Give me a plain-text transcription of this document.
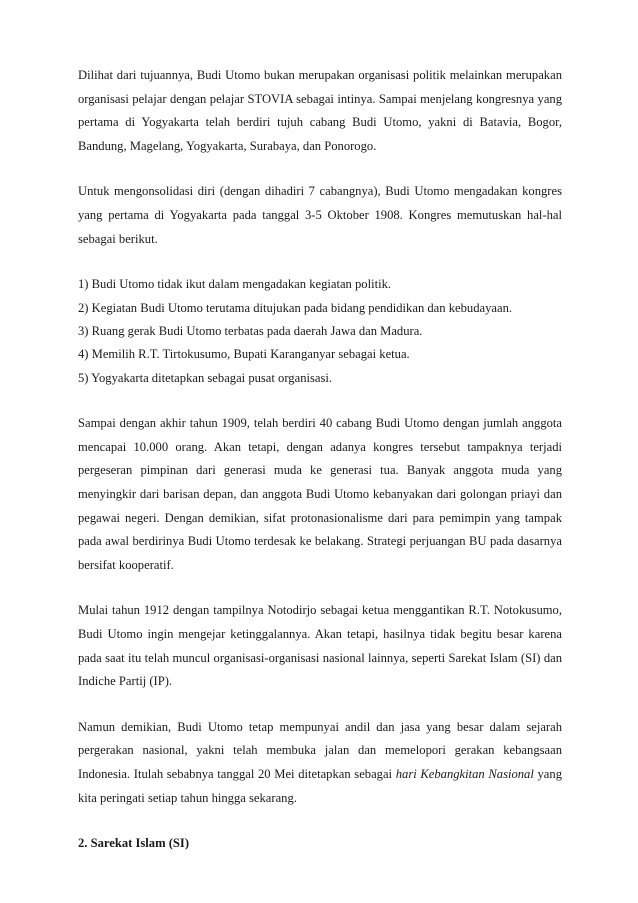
Dilihat dari tujuannya, Budi Utomo bukan merupakan organisasi politik melainkan merupakan organisasi pelajar dengan pelajar STOVIA sebagai intinya. Sampai menjelang kongresnya yang pertama di Yogyakarta telah berdiri tujuh cabang Budi Utomo, yakni di Batavia, Bogor, Bandung, Magelang, Yogyakarta, Surabaya, dan Ponorogo.

Untuk mengonsolidasi diri (dengan dihadiri 7 cabangnya), Budi Utomo mengadakan kongres yang pertama di Yogyakarta pada tanggal 3-5 Oktober 1908. Kongres memutuskan hal-hal sebagai berikut.

1) Budi Utomo tidak ikut dalam mengadakan kegiatan politik.
2) Kegiatan Budi Utomo terutama ditujukan pada bidang pendidikan dan kebudayaan.
3) Ruang gerak Budi Utomo terbatas pada daerah Jawa dan Madura.
4) Memilih R.T. Tirtokusumo, Bupati Karanganyar sebagai ketua.
5) Yogyakarta ditetapkan sebagai pusat organisasi.

Sampai dengan akhir tahun 1909, telah berdiri 40 cabang Budi Utomo dengan jumlah anggota mencapai 10.000 orang. Akan tetapi, dengan adanya kongres tersebut tampaknya terjadi pergeseran pimpinan dari generasi muda ke generasi tua. Banyak anggota muda yang menyingkir dari barisan depan, dan anggota Budi Utomo kebanyakan dari golongan priayi dan pegawai negeri. Dengan demikian, sifat protonasionalisme dari para pemimpin yang tampak pada awal berdirinya Budi Utomo terdesak ke belakang. Strategi perjuangan BU pada dasarnya bersifat kooperatif.

Mulai tahun 1912 dengan tampilnya Notodirjo sebagai ketua menggantikan R.T. Notokusumo, Budi Utomo ingin mengejar ketinggalannya. Akan tetapi, hasilnya tidak begitu besar karena pada saat itu telah muncul organisasi-organisasi nasional lainnya, seperti Sarekat Islam (SI) dan Indiche Partij (IP).

Namun demikian, Budi Utomo tetap mempunyai andil dan jasa yang besar dalam sejarah pergerakan nasional, yakni telah membuka jalan dan memelopori gerakan kebangsaan Indonesia. Itulah sebabnya tanggal 20 Mei ditetapkan sebagai hari Kebangkitan Nasional yang kita peringati setiap tahun hingga sekarang.

2. Sarekat Islam (SI)
